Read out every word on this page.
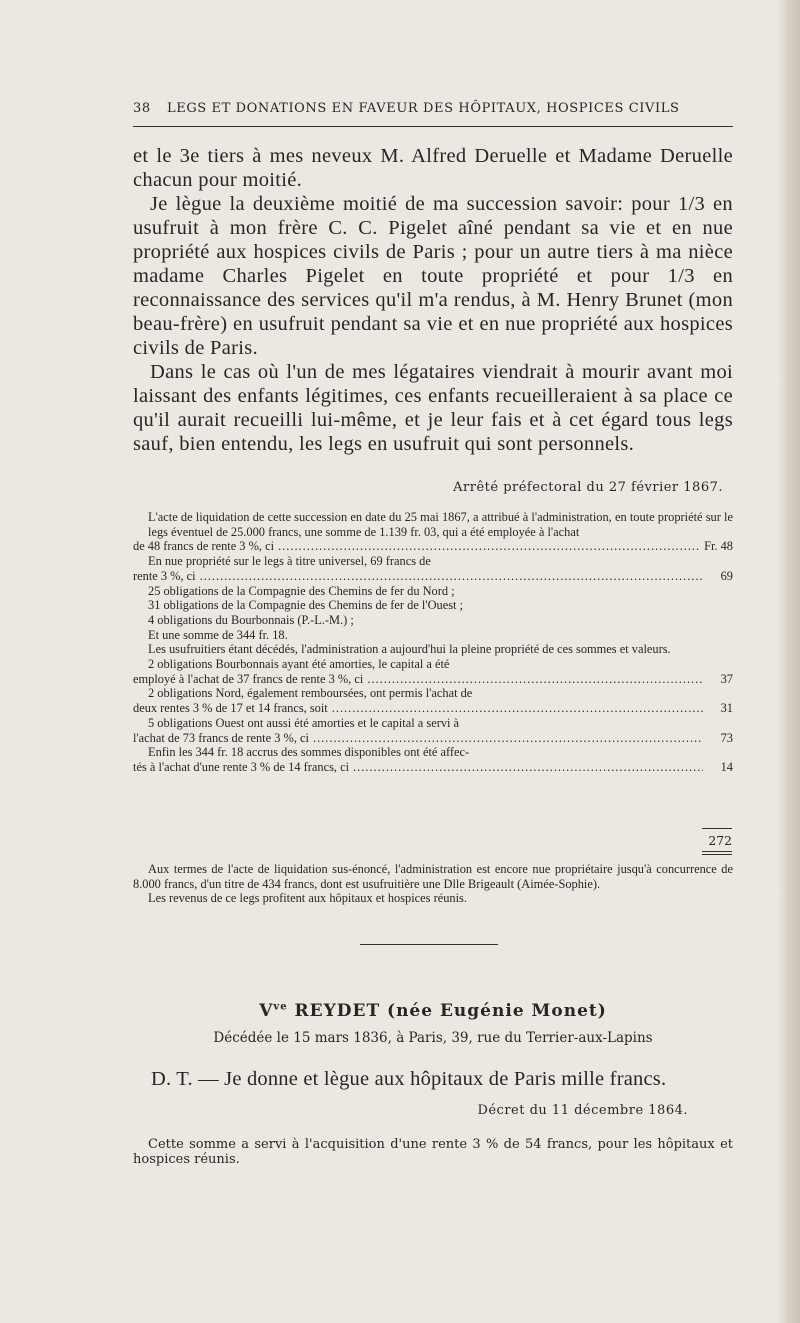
38 LEGS ET DONATIONS EN FAVEUR DES HÔPITAUX, HOSPICES CIVILS

et le 3e tiers à mes neveux M. Alfred Deruelle et Madame Deruelle chacun pour moitié.

Je lègue la deuxième moitié de ma succession savoir: pour 1/3 en usufruit à mon frère C. C. Pigelet aîné pendant sa vie et en nue propriété aux hospices civils de Paris ; pour un autre tiers à ma nièce madame Charles Pigelet en toute propriété et pour 1/3 en reconnaissance des services qu'il m'a rendus, à M. Henry Brunet (mon beau-frère) en usufruit pendant sa vie et en nue propriété aux hospices civils de Paris.

Dans le cas où l'un de mes légataires viendrait à mourir avant moi laissant des enfants légitimes, ces enfants recueilleraient à sa place ce qu'il aurait recueilli lui-même, et je leur fais et à cet égard tous legs sauf, bien entendu, les legs en usufruit qui sont personnels.

Arrêté préfectoral du 27 février 1867.
L'acte de liquidation de cette succession en date du 25 mai 1867, a attribué à l'administration, en toute propriété sur le legs éventuel de 25.000 francs, une somme de 1.139 fr. 03, qui a été employée à l'achat
de 48 francs de rente 3 %, ci .....	Fr. 48
En nue propriété sur le legs à titre universel, 69 francs de
rente 3 %, ci .....	69
25 obligations de la Compagnie des Chemins de fer du Nord ;
31 obligations de la Compagnie des Chemins de fer de l'Ouest ;
4 obligations du Bourbonnais (P.-L.-M.) ;
Et une somme de 344 fr. 18.
Les usufruitiers étant décédés, l'administration a aujourd'hui la pleine propriété de ces sommes et valeurs.
2 obligations Bourbonnais ayant été amorties, le capital a été
employé à l'achat de 37 francs de rente 3 %, ci .....	37
2 obligations Nord, également remboursées, ont permis l'achat de
deux rentes 3 % de 17 et 14 francs, soit .....	31
5 obligations Ouest ont aussi été amorties et le capital a servi à
l'achat de 73 francs de rente 3 %, ci .....	73
Enfin les 344 fr. 18 accrus des sommes disponibles ont été affec-
tés à l'achat d'une rente 3 % de 14 francs, ci .....	14
272

Aux termes de l'acte de liquidation sus-énoncé, l'administration est encore nue propriétaire jusqu'à concurrence de 8.000 francs, d'un titre de 434 francs, dont est usufruitière une Dlle Brigeault (Aimée-Sophie).

Les revenus de ce legs profitent aux hôpitaux et hospices réunis.

$V^{ve}$ REYDET (née Eugénie Monet)
Décédée le 15 mars 1836, à Paris, 39, rue du Terrier-aux-Lapins
D. T. — Je donne et lègue aux hôpitaux de Paris mille francs.
Décret du 11 décembre 1864.

Cette somme a servi à l'acquisition d'une rente 3 % de 54 francs, pour les hôpitaux et hospices réunis.
